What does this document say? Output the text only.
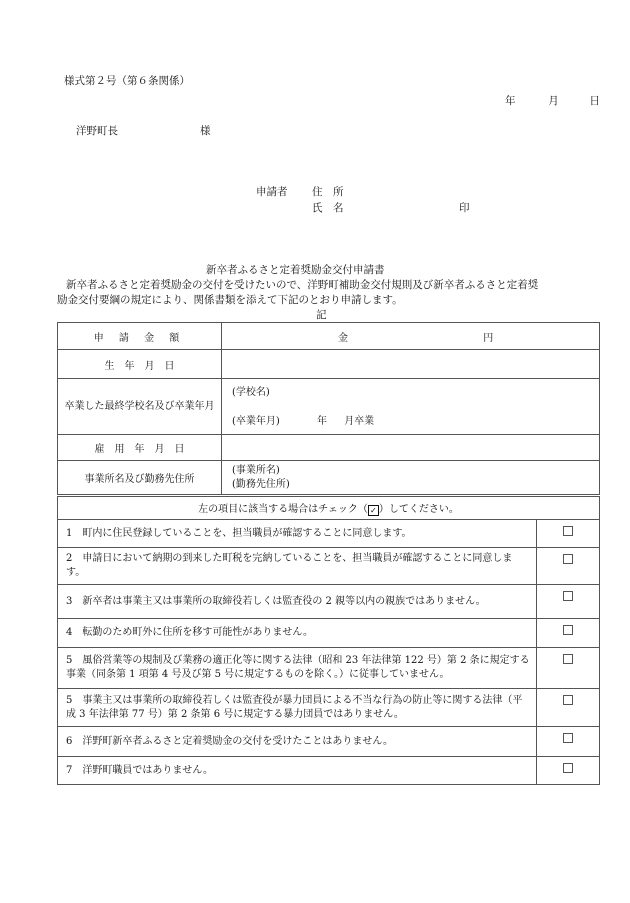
様式第２号（第６条関係）
年	月	日
洋野町長	様
申請者 住　所
氏　名	印
新卒者ふるさと定着奨励金交付申請書
新卒者ふるさと定着奨励金の交付を受けたいので、洋野町補助金交付規則及び新卒者ふるさと定着奨
励金交付要綱の規定により、関係書類を添えて下記のとおり申請します。
記
申 請 金 額	金 円
生　年　月　日	
卒業した最終学校名及び卒業年月	(学校名)
(卒業年月) 年 月卒業

雇　用　年　月　日	
事業所名及び勤務先住所	(事業所名)
(勤務先住所)
左の項目に該当する場合はチェック（ ✓ ）してください。	
1　町内に住民登録していることを、担当職員が確認することに同意します。	
2　申請日において納期の到来した町税を完納していることを、担当職員が確認することに同意します。	
3　新卒者は事業主又は事業所の取締役若しくは監査役の 2 親等以内の親族ではありません。	
4　転勤のため町外に住所を移す可能性がありません。	
5　風俗営業等の規制及び業務の適正化等に関する法律（昭和 23 年法律第 122 号）第 2 条に規定する事業（同条第 1 項第 4 号及び第 5 号に規定するものを除く。）に従事していません。	
5　事業主又は事業所の取締役若しくは監査役が暴力団員による不当な行為の防止等に関する法律（平成 3 年法律第 77 号）第 2 条第 6 号に規定する暴力団員ではありません。	
6　洋野町新卒者ふるさと定着奨励金の交付を受けたことはありません。	
7　洋野町職員ではありません。	
